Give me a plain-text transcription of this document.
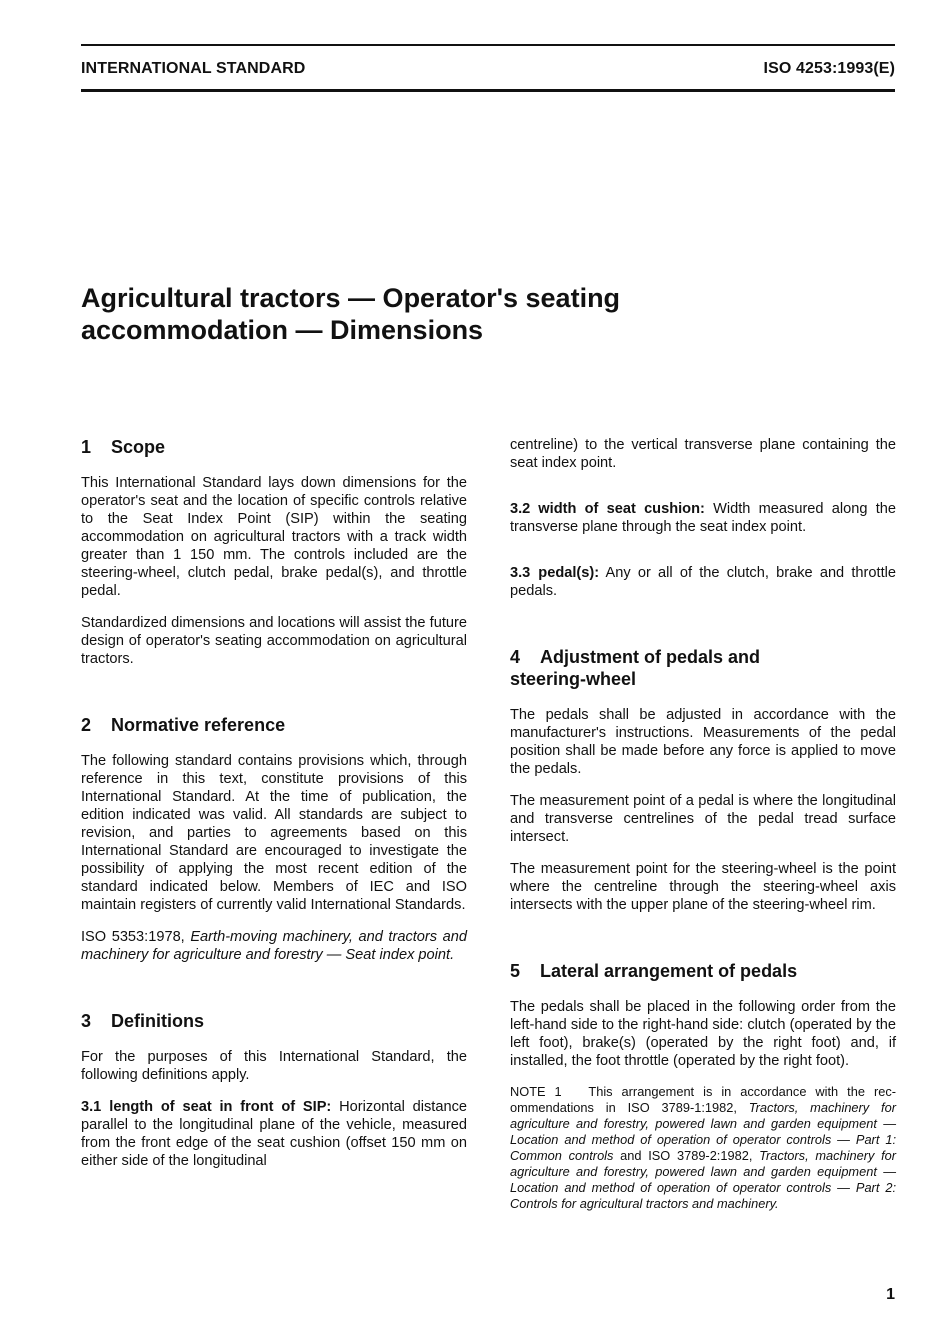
INTERNATIONAL STANDARD	ISO 4253:1993(E)
Agricultural tractors — Operator's seating
accommodation — Dimensions
1 Scope

This International Standard lays down dimensions for the operator's seat and the location of specific controls relative to the Seat Index Point (SIP) within the seating accommodation on agricultural tractors with a track width greater than 1 150 mm. The controls included are the steering-wheel, clutch pedal, brake pedal(s), and throttle pedal.

Standardized dimensions and locations will assist the future design of operator's seating accommodation on agricultural tractors.

2 Normative reference

The following standard contains provisions which, through reference in this text, constitute provisions of this International Standard. At the time of publication, the edition indicated was valid. All standards are subject to revision, and parties to agreements based on this International Standard are encouraged to investigate the possibility of applying the most recent edition of the standard indicated below. Members of IEC and ISO maintain registers of currently valid International Standards.

ISO 5353:1978, Earth-moving machinery, and tractors and machinery for agriculture and forestry — Seat index point.

3 Definitions

For the purposes of this International Standard, the following definitions apply.

3.1 length of seat in front of SIP: Horizontal distance parallel to the longitudinal plane of the vehicle, measured from the front edge of the seat cushion (offset 150 mm on either side of the longitudinal

centreline) to the vertical transverse plane containing the seat index point.

3.2 width of seat cushion: Width measured along the transverse plane through the seat index point.

3.3 pedal(s): Any or all of the clutch, brake and throttle pedals.

4 Adjustment of pedals and
steering-wheel

The pedals shall be adjusted in accordance with the manufacturer's instructions. Measurements of the pedal position shall be made before any force is applied to move the pedals.

The measurement point of a pedal is where the longitudinal and transverse centrelines of the pedal tread surface intersect.

The measurement point for the steering-wheel is the point where the centreline through the steering-wheel axis intersects with the upper plane of the steering-wheel rim.

5 Lateral arrangement of pedals

The pedals shall be placed in the following order from the left-hand side to the right-hand side: clutch (operated by the left foot), brake(s) (operated by the right foot) and, if installed, the foot throttle (operated by the right foot).

NOTE 1 This arrangement is in accordance with the recommendations in ISO 3789-1:1982, Tractors, machinery for agriculture and forestry, powered lawn and garden equipment — Location and method of operation of operator controls — Part 1: Common controls and ISO 3789-2:1982, Tractors, machinery for agriculture and forestry, powered lawn and garden equipment — Location and method of operation of operator controls — Part 2: Controls for agricultural tractors and machinery.

1
